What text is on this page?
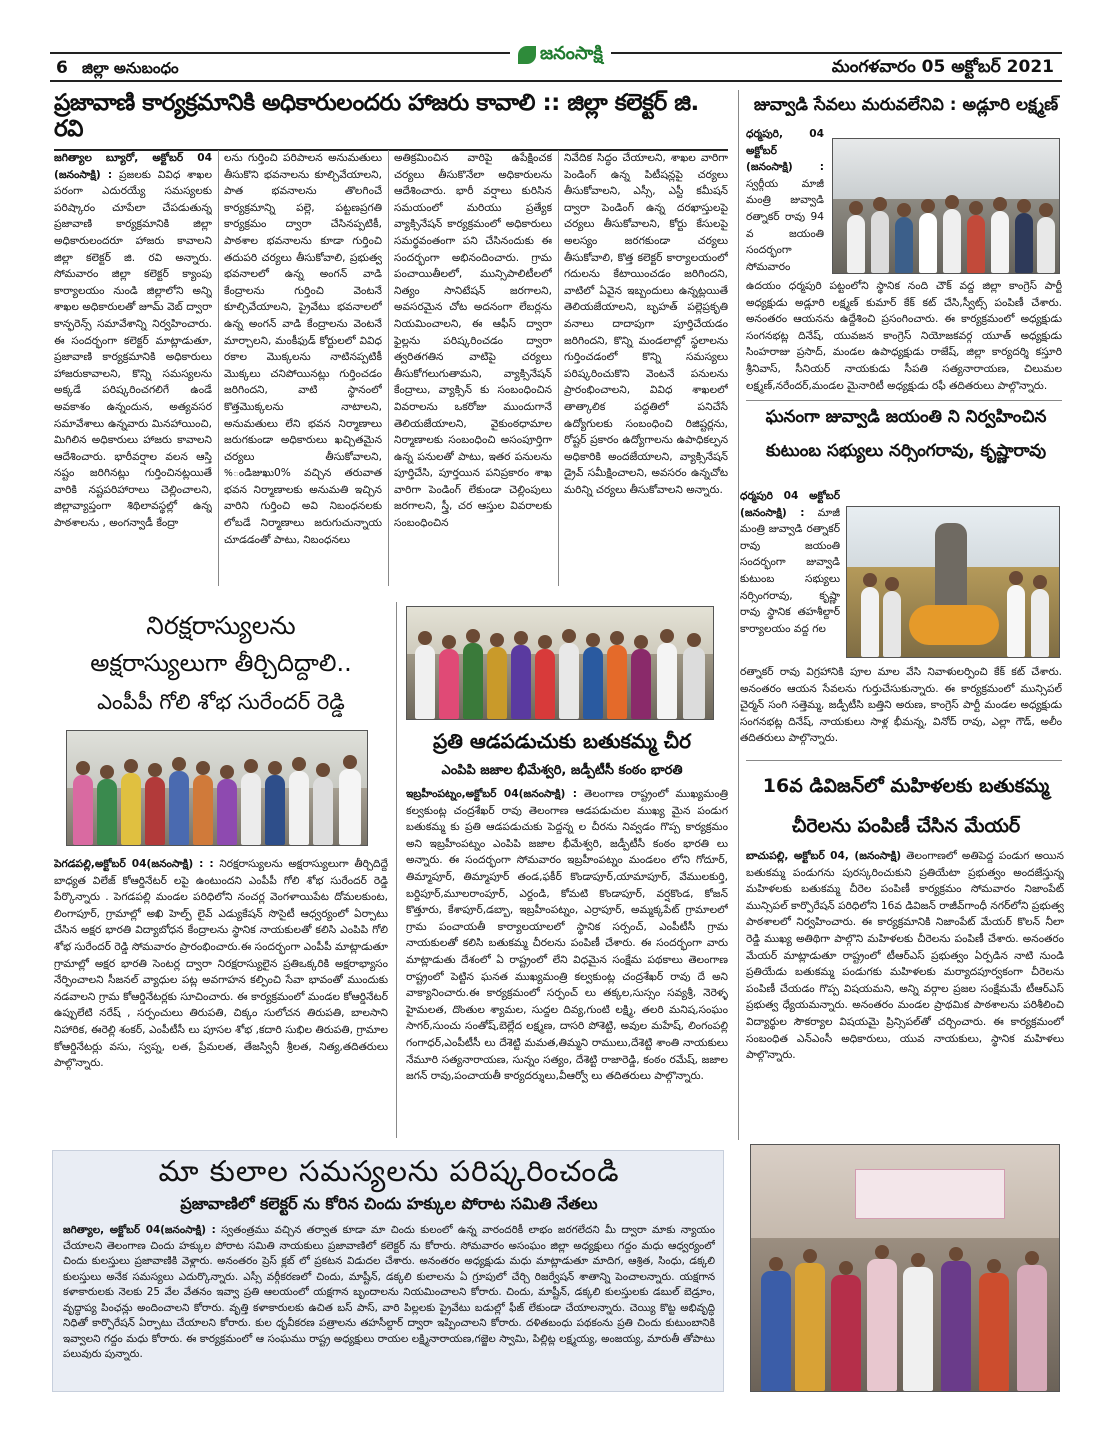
6 జిల్లా అనుబంధం
జనంసాక్షి
మంగళవారం 05 అక్టోబర్ 2021
ప్రజావాణి కార్యక్రమానికి అధికారులందరు హాజరు కావాలి :: జిల్లా కలెక్టర్ జి. రవి
జగిత్యాల బ్యూరో, అక్టోబర్ 04 (జనంసాక్షి) : ప్రజలకు వివిధ శాఖల పరంగా ఎదురయ్యే సమస్యలకు పరిష్కారం చూపేలా చేపడుతున్న ప్రజావాణి కార్యక్రమానికి జిల్లా అధికారులందరూ హాజరు కావాలని జిల్లా కలెక్టర్ జి. రవి అన్నారు. సోమవారం జిల్లా కలెక్టర్ క్యాంపు కార్యాలయం నుండి జిల్లాలోని అన్ని శాఖల అధికారులతో జూమ్ వెబ్ ద్వారా కాన్ఫరెన్స్ సమావేశాన్ని నిర్వహించారు. ఈ సందర్భంగా కలెక్టర్ మాట్లాడుతూ, ప్రజావాణి కార్యక్రమానికి అధికారులు హాజరుకావాలని, కొన్ని సమస్యలను అక్కడే పరిష్కరించగలిగే ఉండే అవకాశం ఉన్నందున, అత్యవసర సమావేశాలు ఉన్నవారు మినహాయించి, మిగిలిన అధికారులు హాజరు కావాలని ఆదేశించారు. భారీవర్షాల వలన ఆస్తి నష్టం జరిగినట్లు గుర్తించినట్లయితే వారికి నష్టపరిహారాలు చెల్లించాలని, జిల్లావ్యాప్తంగా శిథిలావస్థల్లో ఉన్న పాఠశాలను , అంగన్వాడీ కేంద్రా
లను గుర్తించి పరిపాలన అనుమతులు తీసుకొని భవనాలను కూల్చివేయాలని, పాత భవనాలను తొలగించే కార్యక్రమాన్ని పల్లె, పట్టణప్రగతి కార్యక్రమం ద్వారా చేసినప్పటికీ, పాఠశాల భవనాలను కూడా గుర్తించి తదుపరి చర్యలు తీసుకోవాలి, ప్రభుత్వ భవనాలలో ఉన్న అంగన్ వాడి కేంద్రాలను గుర్తించి వెంటనే కూల్చివేయాలని, ప్రైవేటు భవనాలలో ఉన్న అంగన్ వాడి కేంద్రాలను వెంటనే మార్చాలని, మంకీఫుడ్ కోర్టులలో వివిధ రకాల మొక్కలను నాటినప్పటికీ మొక్కలు చనిపోయినట్లు గుర్తించడం జరిగిందని, వాటి స్థానంలో కొత్తమొక్కలను నాటాలని, అనుమతులు లేని భవన నిర్మాణాలు జరుగకుండా అధికారులు ఖచ్చితమైన చర్యలు తీసుకోవాలని, %ండిజుఖు0% వచ్చిన తరువాత భవన నిర్మాణాలకు అనుమతి ఇచ్చిన వారిని గుర్తించి అవి నిబంధనలకు లోబడే నిర్మాణాలు జరుగుచున్నాయ చూడడంతో పాటు, నిబంధనలు
అతిక్రమించిన వారిపై ఉపేక్షించక చర్యలు తీసుకొనేలా అధికారులను ఆదేశించారు. భారీ వర్షాలు కురిసిన సమయంలో మరియు ప్రత్యేక వ్యాక్సినేషన్ కార్యక్రమంలో అధికారులు సమర్థవంతంగా పని చేసినందుకు ఈ సందర్భంగా అభినందించారు. గ్రామ పంచాయితీలలో, మున్సిపాలిటీలలో నిత్యం సానిటేషన్ జరగాలని, అవసరమైన చోట అదనంగా లేబర్లను నియమించాలని, ఈ ఆఫీస్ ద్వారా ఫైల్లను పరిష్కరించడం ద్వారా త్వరితగతిన వాటిపై చర్యలు తీసుకోగలుగుతామని, వ్యాక్సినేషన్ కేంద్రాలు, వ్యాక్సిన్ కు సంబంధించిన వివరాలను ఒకరోజు ముందుగానే తెలియజేయాలని, వైకుంఠధామాల నిర్మాణాలకు సంబంధించి అసంపూర్తిగా ఉన్న పనులతో పాటు, ఇతర పనులను పూర్తిచేసి, పూర్తయిన పనిప్రకారం శాఖ వారిగా పెండింగ్ లేకుండా చెల్లింపులు జరగాలని, స్త్రీ, చర ఆస్తుల వివరాలకు సంబంధించిన
నివేదిక సిద్ధం చేయాలని, శాఖల వారిగా పెండింగ్ ఉన్న పిటీషన్లపై చర్యలు తీసుకోవాలని, ఎస్సీ, ఎస్టీ కమీషన్ ద్వారా పెండింగ్ ఉన్న దరఖాస్తులపై చర్యలు తీసుకోవాలని, కోర్టు కేసులపై అలస్యం జరగకుండా చర్యలు తీసుకోవాలి, కొత్త కలెక్టర్ కార్యాలయంలో గదులను కేటాయించడం జరిగిందని, వాటిలో ఏవైన ఇబ్బందులు ఉన్నట్లయితే తెలియజేయాలని, బృహత్ పల్లెప్రకృతి వనాలు దాదాపుగా పూర్తిచేయడం జరిగిందని, కొన్ని మండలాల్లో స్థలాలను గుర్తించడంలో కొన్ని సమస్యలు పరిష్కరించుకొని వెంటనే పనులను ప్రారంభించాలని, వివిధ శాఖలలో తాత్కాలిక పద్ధతిలో పనిచేసే ఉద్యోగులకు సంబంధించి రిజిష్టర్లను, రోష్టర్ ప్రకారం ఉద్యోగాలను ఉపాధికల్పన అధికారికి అందజేయాలని, వ్యాక్సినేషన్ డ్రైవ్ సమీక్షించాలని, అవసరం ఉన్నచోట మరిన్ని చర్యలు తీసుకోవాలని అన్నారు.
జువ్వాడి సేవలు మరువలేనివి : అడ్లూరి లక్ష్మణ్
ధర్మపురి, 04 అక్టోబర్ (జనంసాక్షి) : స్వర్గీయ మాజీ మంత్రి జువ్వాడి రత్నాకర్ రావు 94 వ జయంతి సందర్భంగా సోమవారం
ఉదయం ధర్మపురి పట్టంలోని స్థానిక నంది చౌక్ వద్ద జిల్లా కాంగ్రెస్ పార్టీ అధ్యక్షుడు అడ్లూరి లక్ష్మణ్ కుమార్ కేక్ కట్ చేసి,స్వీట్స్ పంపిణీ చేశారు. అనంతరం ఆయనను ఉద్దేశించి ప్రసంగించారు. ఈ కార్యక్రమంలో అధ్యక్షుడు సంగనభట్ల దినేష్, యువజన కాంగ్రెస్ నియోజకవర్గ యూత్ అధ్యక్షుడు సింహరాజు ప్రసాద్, మండల ఉపాధ్యక్షుడు రాజేష్, జిల్లా కార్యదర్శి కస్తూరి శ్రీనివాస్, సీనియర్ నాయకుడు సీపతి సత్యనారాయణ, చిలుమల లక్ష్మణ్,నరేందర్,మండల మైనారిటీ అధ్యక్షుడు రఫీ తదితరులు పాల్గొన్నారు.
ఘనంగా జువ్వాడి జయంతి ని నిర్వహించిన
కుటుంబ సభ్యులు నర్సింగరావు, కృష్ణారావు
ధర్మపురి 04 అక్టోబర్ (జనంసాక్షి) : మాజీ మంత్రి జువ్వాడి రత్నాకర్ రావు జయంతి సందర్భంగా జువ్వాడి కుటుంబ సభ్యులు నర్సింగరావు, కృష్ణా రావు స్థానిక తహశీల్దార్ కార్యాలయం వద్ద గల
రత్నాకర్ రావు విగ్రహానికి పూల మాల వేసి నివాళులర్పించి కేక్ కట్ చేశారు. అనంతరం ఆయన సేవలను గుర్తుచేసుకున్నారు. ఈ కార్యక్రమంలో మున్సిపల్ చైర్మన్ సంగి సత్తెమ్మ, జడ్పీటీసి బత్తిని అరుణ, కాంగ్రెస్ పార్టీ మండల అధ్యక్షుడు సంగనభట్ల దినేష్, నాయకులు సాళ్ల భీమన్న, వినోద్ రావు, ఎల్లా గౌడ్, అలీం తదితరులు పాల్గొన్నారు.
16వ డివిజన్‌లో మహిళలకు బతుకమ్మ
చీరెలను పంపిణీ చేసిన మేయర్
బాచుపల్లి, అక్టోబర్ 04, (జనంసాక్షి) తెలంగాణలో అతిపెద్ద పండుగ అయిన బతుకమ్మ పండుగను పురస్కరించుకుని ప్రతియేటా ప్రభుత్వం అందజేస్తున్న మహిళలకు బతుకమ్మ చీరెల పంపిణీ కార్యక్రమం సోమవారం నిజాంపేట్ మున్సిపల్ కార్పొరేషన్ పరిధిలోని 16వ డివిజన్ రాజీవ్‌గాంధీ నగర్‌లోని ప్రభుత్వ పాఠశాలలో నిర్వహించారు. ఈ కార్యక్రమానికి నిజాంపేట్ మేయర్ కొలన్ నీలా రెడ్డి ముఖ్య అతిథిగా పాల్గొని మహిళలకు చీరెలను పంపిణీ చేశారు. అనంతరం మేయర్ మాట్లాడుతూ రాష్ట్రంలో టీఆర్ఎస్ ప్రభుత్వం ఏర్పడిన నాటి నుండి ప్రతియేడు బతుకమ్మ పండుగకు మహిళలకు మర్యాదపూర్వకంగా చీరెలను పంపిణీ చేయడం గొప్ప విషయమని, అన్ని వర్గాల ప్రజల సంక్షేమమే టీఆర్ఎస్ ప్రభుత్వ ధ్యేయమన్నారు. అనంతరం మండల ప్రాథమిక పాఠశాలను పరిశీలించి విద్యార్థుల సౌకర్యాల విషయమై ప్రిన్సిపల్‌తో చర్చించారు. ఈ కార్యక్రమంలో సంబంధిత ఎన్ఎంసీ అధికారులు, యువ నాయకులు, స్థానిక మహిళలు పాల్గొన్నారు.
నిరక్షరాస్యులను
అక్షరాస్యులుగా తీర్చిదిద్దాలి..
ఎంపీపీ గోలి శోభ సురేందర్ రెడ్డి
పెగడపల్లి,అక్టోబర్ 04(జనంసాక్షి) : : నిరక్షరాస్యులను అక్షరాస్యులుగా తీర్చిదిద్దే బాధ్యత విలేజ్ కోఆర్డినేటర్ లపై ఉంటుందని ఎంపీపీ గోలి శోభ సురేందర్ రెడ్డి పేర్కొన్నారు . పెగడపల్లి మండల పరిధిలోని నంచర్ల వెంగళాయిపేట దోమలకుంట, లింగాపూర్, గ్రామాల్లో అఖి హెల్ప్ లైవ్ ఎడ్యుకేషన్ సొసైటీ ఆధ్వర్యంలో ఏర్పాటు చేసిన అక్షర భారతి విద్యాబోధన కేంద్రాలను స్థానిక నాయకులతో కలిసి ఎంపిపి గోలి శోభ సురేందర్ రెడ్డి సోమవారం ప్రారంభించారు.ఈ సందర్భంగా ఎంపీపీ మాట్లాడుతూ గ్రామాల్లో అక్షర భారతి సెంటర్ల ద్వారా నిరక్షరాస్యులైన ప్రతిఒక్కరికి అక్షరాభ్యాసం నేర్పించాలని సీజనల్ వ్యాధుల పట్ల అవగాహన కల్పించి సేవా భావంతో ముందుకు నడవాలని గ్రామ కోఆర్డినేటర్లకు సూచించారు. ఈ కార్యక్రమంలో మండల కోఆర్డినేటర్ ఉప్పులేటి నరేష్ , సర్పంచులు తిరుపతి, చిక్కం సులోచన తిరుపతి, బాలసాని నిహారిక, ఈరెల్లి శంకర్, ఎంపీటీసీ లు పూసల శోభ ,కదారి సుభిల తిరుపతి, గ్రామాల కోఆర్డినేటర్లు వసు, స్వప్న, లత, ప్రేమలత, తేజస్వినీ శ్రీలత, నిత్య,తదితరులు పాల్గొన్నారు.
ప్రతి ఆడపడుచుకు బతుకమ్మ చీర
ఎంపిపి జజాల భీమేశ్వరి, జడ్పీటీసీ కంఠం భారతి
ఇబ్రహీంపట్నం,అక్టోబర్ 04(జనంసాక్షి) : తెలంగాణ రాష్ట్రంలో ముఖ్యమంత్రి కల్వకుంట్ల చంద్రశేఖర్ రావు తెలంగాణ ఆడపడుచుల ముఖ్య మైన పండుగ బతుకమ్మ కు ప్రతి ఆడపడుచుకు పెద్దన్న ల చీరను నివ్వడం గొప్ప కార్యక్రమం అని ఇబ్రహీంపట్నం ఎంపిపి జజాల భీమేశ్వరి, జడ్పీటీసీ కంఠం భారతి లు అన్నారు. ఈ సందర్భంగా సోమవారం ఇబ్రహీంపట్నం మండలం లోని గోదూర్, తిమ్మాపూర్, తిమ్మాపూర్ తండ,ఫకీర్ కొండాపూర్,యామాపూర్, వేములకుర్తి, బర్దిపూర్,మూలరాంపూర్, ఎర్దండి, కోమటి కొండాపూర్, వర్షకొండ, కోజన్ కొత్తూరు, కేశాపూర్,డబ్బా, ఇబ్రహీంపట్నం, ఎర్రాపూర్, అమ్మక్కపేట్ గ్రామాలలో గ్రామ పంచాయతీ కార్యాలయాలలో స్థానిక సర్పంచ్, ఎంపీటీసీ గ్రామ నాయకులతో కలిసి బతుకమ్మ చీరలను పంపిణీ చేశారు. ఈ సందర్భంగా వారు మాట్లాడుతు దేశంలో ఏ రాష్ట్రంలో లేని విధమైన సంక్షేమ పథకాలు తెలంగాణ రాష్ట్రంలో పెట్టిన ఘనత ముఖ్యమంత్రి కల్వకుంట్ల చంద్రశేఖర్ రావు దే అని వాక్యానించారు.ఈ కార్యక్రమంలో సర్పంచ్ లు తక్కల,సుస్సం సవ్యశ్రీ, నెరెళ్ళ హైమలత, దొంతుల శ్యామల, సుద్దల దివ్య,గుంటి లక్ష్మి, తలరి మనిష,సంఘం సాగర్,సుంచు సంతోష్,బెల్లేద లక్ష్మణ, దాసరి పోశెట్టి, అవుల మహేష్, లింగంపల్లి గంగాధర్,ఎంపీటీసీ లు దేశెట్టి మమత,తిమ్మని రాములు,దేశెట్టి శాంతి నాయకులు నేమూరి సత్యనారాయణ, సున్నం సత్యం, దేశెట్టి రాజారెడ్డి, కంఠం రమేష్, జజాల జగన్ రావు,పంచాయతీ కార్యదర్శులు,వీఆర్వో లు తదితరులు పాల్గొన్నారు.
మా కులాల సమస్యలను పరిష్కరించండి
ప్రజావాణిలో కలెక్టర్ ను కోరిన చిందు హక్కుల పోరాట సమితి నేతలు
జగిత్యాల, అక్టోబర్ 04(జనంసాక్షి) : స్వతంత్రము వచ్చిన తర్వాత కూడా మా చిందు కులంలో ఉన్న వారందరికీ లాభం జరగలేదని మీ ద్వారా మాకు న్యాయం చేయాలని తెలంగాణ చిందు హక్కుల పోరాట సమితి నాయకులు ప్రజావాణిలో కలెక్టర్ ను కోరారు. సోమవారం అసంఘం జిల్లా అధ్యక్షులు గద్దం మధు ఆధ్వర్యంలో చిందు కులస్తులు ప్రజావాణికి వెళ్లారు. అనంతరం ప్రెస్ క్లబ్ లో ప్రకటన విడుదల చేశారు. అనంతరం అధ్యక్షుడు మధు మాట్లాడుతూ మాదిగ, ఆశ్రిత, సింధు, డక్కలి కులస్తులు అనేక సమస్యలు ఎదుర్కొన్నారు. ఎస్సీ వర్గీకరణలో చిందు, మాష్టీన్, డక్కలి కులాలను ఏ గ్రూపులో చేర్చి రిజర్వేషన్ శాతాన్ని పెంచాలన్నారు. యక్షగాన కళాకారులకు నెలకు 25 వేల వేతనం ఇవ్వా ప్రతి ఆలయంలో యక్షగాన బృందాలను నియమించాలని కోరారు. చిందు, మాష్టీన్, డక్కలి కులస్తులకు డబుల్ బెడ్రూం, వృద్ధాప్య పింఛన్లు అందించాలని కోరారు. వృత్తి కళాకారులకు ఉచిత బస్ పాస్, వారి పిల్లలకు ప్రైవేటు బడుల్లో ఫీజ్ లేకుండా చేయాలన్నారు. చెయ్యి కొట్ట అభివృద్ధి నిధితో కార్పొరేషన్ ఏర్పాటు చేయాలని కోరారు. కుల ధృవీకరణ పత్రాలను తహసీల్దార్ ద్వారా ఇప్పించాలని కోరారు. దళితబంధు పథకంను ప్రతి చిందు కుటుంబానికి ఇవ్వాలని గద్దం మధు కోరారు. ఈ కార్యక్రమంలో ఆ సంఘము రాష్ట్ర అధ్యక్షులు రాయల లక్ష్మినారాయణ,గజ్జెల స్వామి, పిల్లిట్ల లక్ష్మయ్య, అంజయ్య, మారుతీ తోపాటు పలువురు పున్నారు.
